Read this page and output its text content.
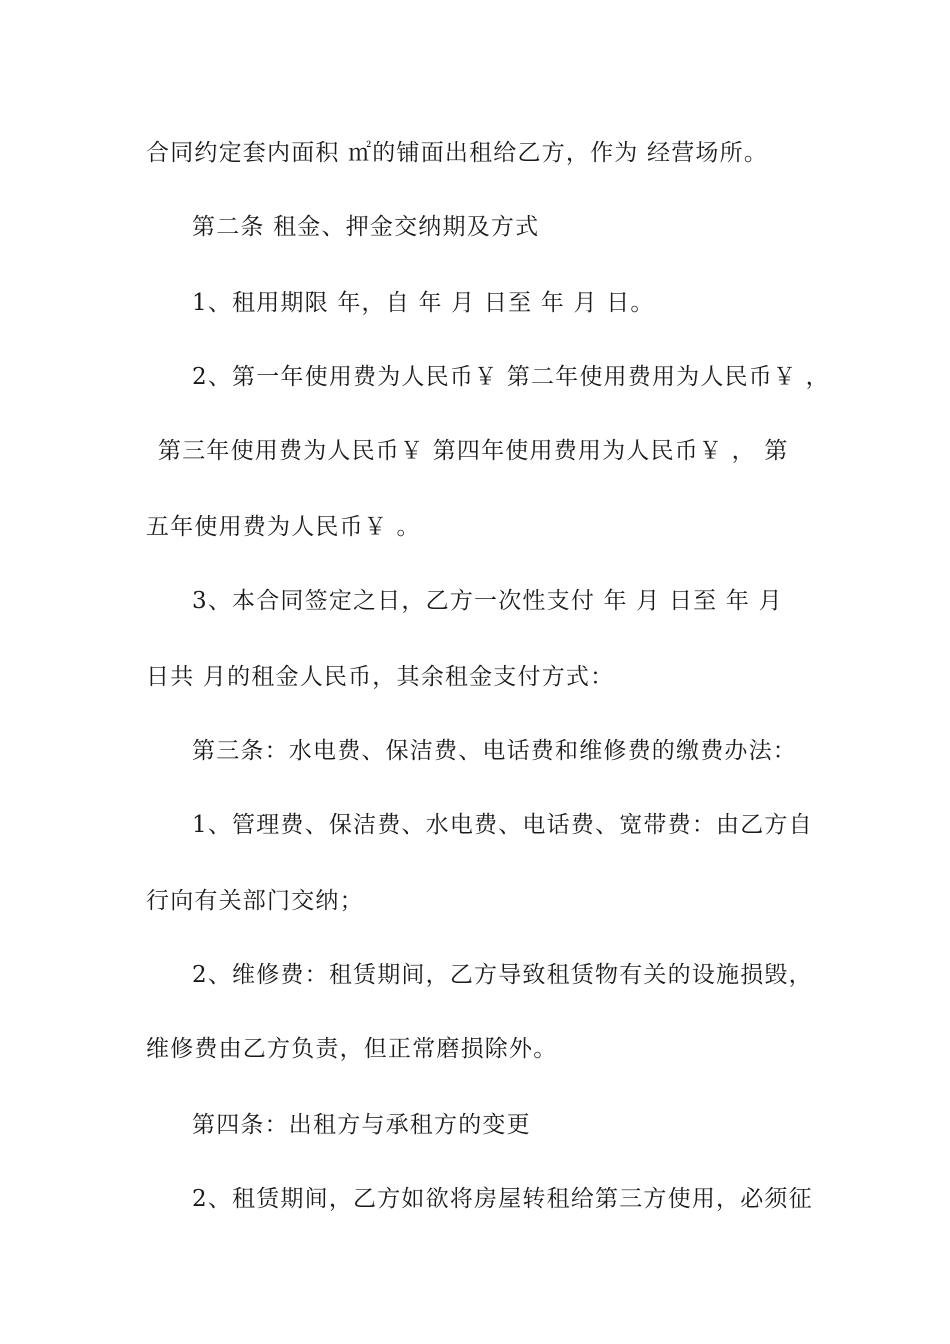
合同约定套内面积 ㎡的铺面出租给乙方，作为 经营场所。
第二条 租金、押金交纳期及方式
1、租用期限 年，自 年 月 日至 年 月 日。
2、第一年使用费为人民币￥ 第二年使用费用为人民币￥ ，
第三年使用费为人民币￥ 第四年使用费用为人民币￥ ， 第
五年使用费为人民币￥ 。
3、本合同签定之日，乙方一次性支付 年 月 日至 年 月
日共 月的租金人民币，其余租金支付方式：
第三条：水电费、保洁费、电话费和维修费的缴费办法：
1、管理费、保洁费、水电费、电话费、宽带费：由乙方自
行向有关部门交纳；
2、维修费：租赁期间，乙方导致租赁物有关的设施损毁，
维修费由乙方负责，但正常磨损除外。
第四条：出租方与承租方的变更
2、租赁期间，乙方如欲将房屋转租给第三方使用，必须征
